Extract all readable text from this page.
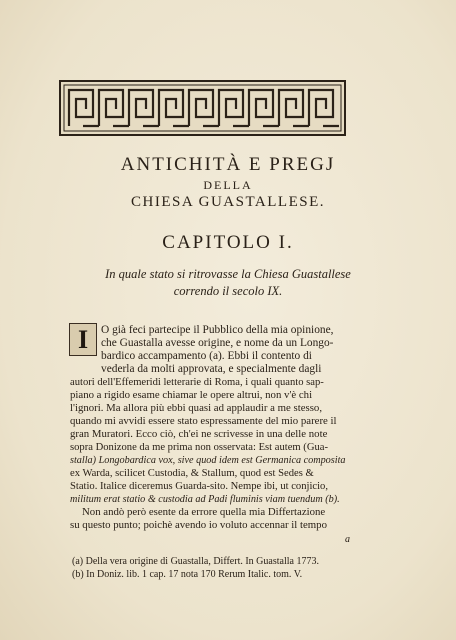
ANTICHITÀ E PREGJ
DELLA
CHIESA GUASTALLESE.
CAPITOLO I.
In quale stato si ritrovasse la Chiesa Guastallese
correndo il secolo IX.
I	O già feci partecipe il Pubblico della mia opinione,
che Guastalla avesse origine, e nome da un Longo-
bardico accampamento (a). Ebbi il contento di
vederla da molti approvata, e specialmente dagli
autori dell'Effemeridi letterarie di Roma, i quali quanto sap-
piano a rigido esame chiamar le opere altrui, non v'è chi
l'ignori. Ma allora più ebbi quasi ad applaudir a me stesso,
quando mi avvidi essere stato espressamente del mio parere il
gran Muratori. Ecco ciò, ch'ei ne scrivesse in una delle note
sopra Donizone da me prima non osservata: Est autem (Gua-
stalla) Longobardica vox, sive quod idem est Germanica composita
ex Warda, scilicet Custodia, & Stallum, quod est Sedes &
Statio. Italice diceremus Guarda-sito. Nempe ibi, ut conjicio,
militum erat statio & custodia ad Padi fluminis viam tuendum (b).
Non andò però esente da errore quella mia Differtazione
su questo punto; poichè avendo io voluto accennar il tempo
a
(a) Della vera origine di Guastalla, Differt. In Guastalla 1773.
(b) In Doniz. lib. 1 cap. 17 nota 170 Rerum Italic. tom. V.
